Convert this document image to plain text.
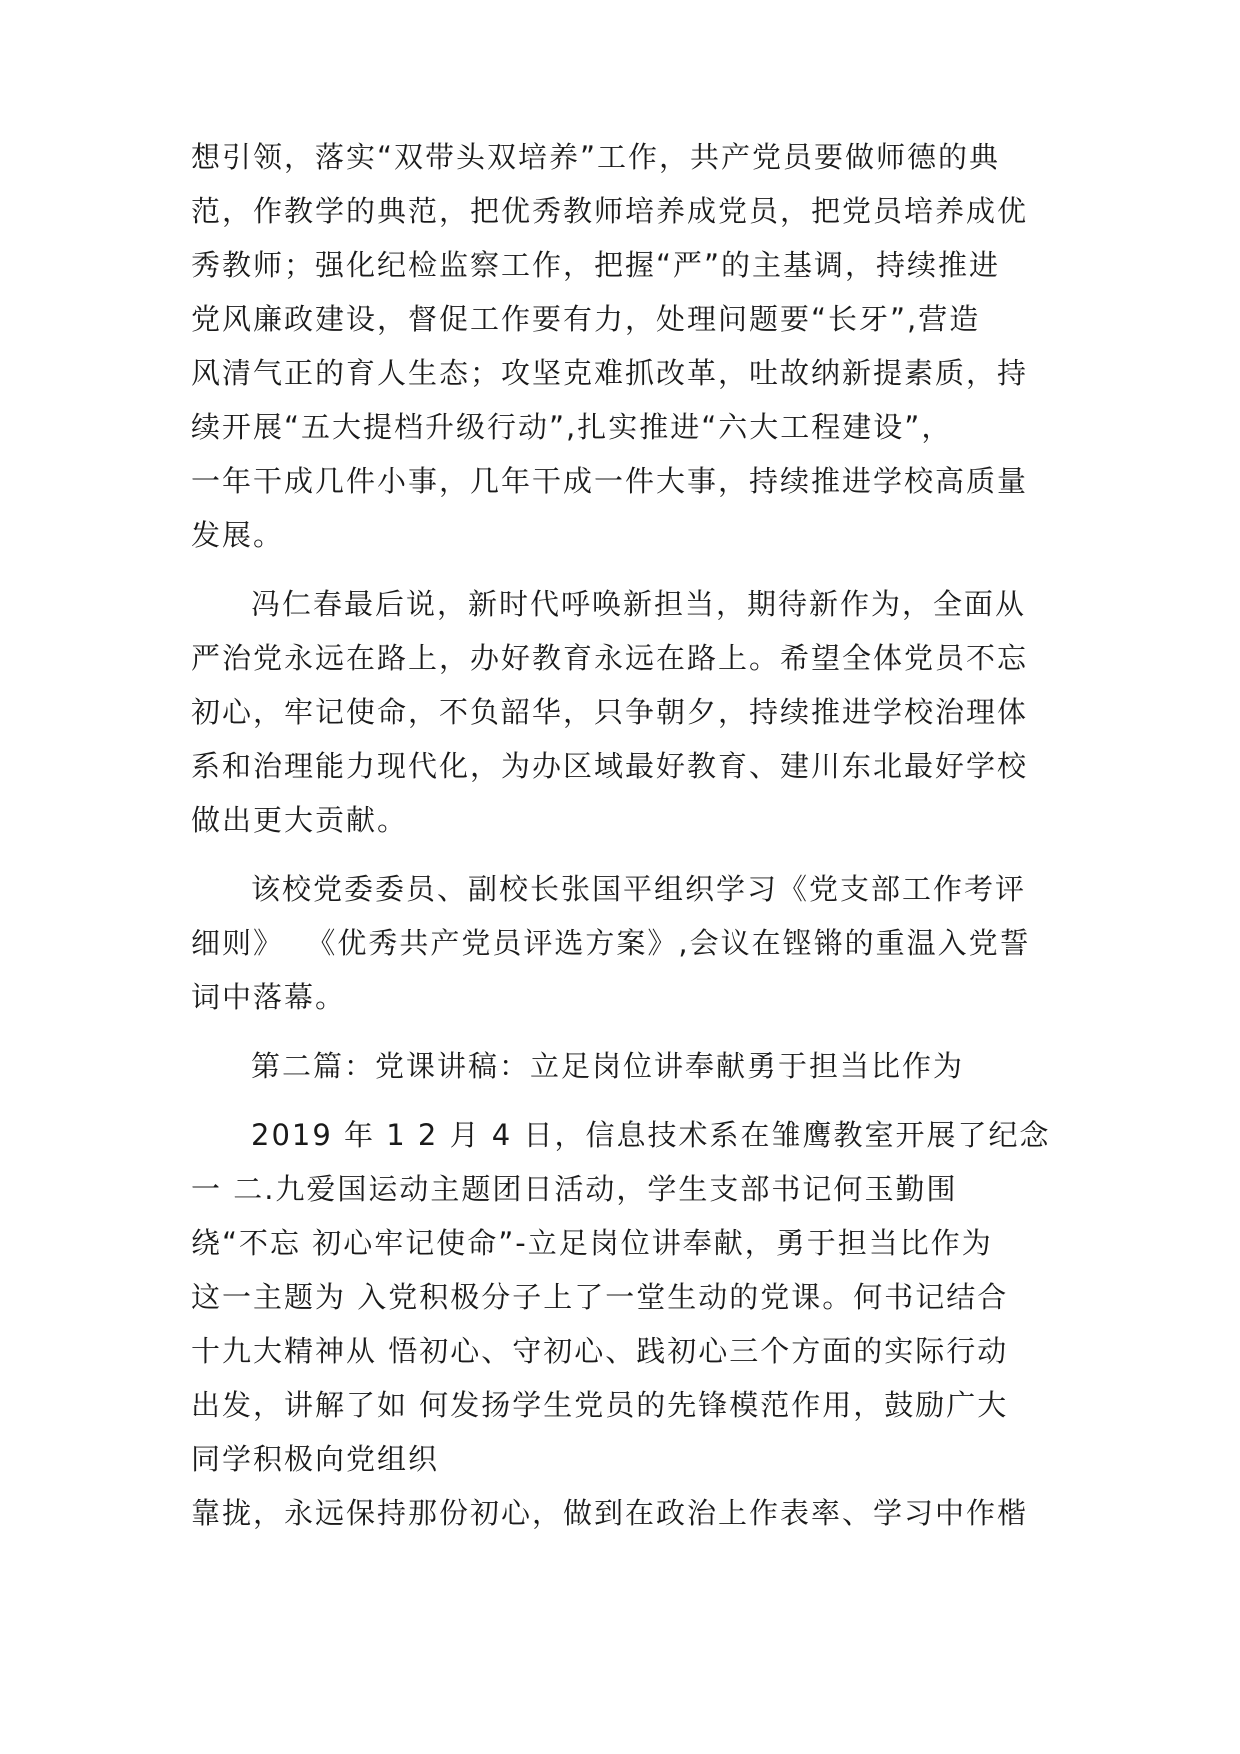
想引领，落实“双带头双培养”工作，共产党员要做师德的典
范，作教学的典范，把优秀教师培养成党员，把党员培养成优
秀教师；强化纪检监察工作，把握“严”的主基调，持续推进
党风廉政建设，督促工作要有力，处理问题要“长牙”,营造
风清气正的育人生态；攻坚克难抓改革，吐故纳新提素质，持
续开展“五大提档升级行动”,扎实推进“六大工程建设”，
一年干成几件小事，几年干成一件大事，持续推进学校高质量
发展。
冯仁春最后说，新时代呼唤新担当，期待新作为，全面从
严治党永远在路上，办好教育永远在路上。希望全体党员不忘
初心，牢记使命，不负韶华，只争朝夕，持续推进学校治理体
系和治理能力现代化，为办区域最好教育、建川东北最好学校
做出更大贡献。
该校党委委员、副校长张国平组织学习《党支部工作考评
细则》  《优秀共产党员评选方案》,会议在铿锵的重温入党誓
词中落幕。
第二篇：党课讲稿：立足岗位讲奉献勇于担当比作为
2019 年 1 2 月 4 日，信息技术系在雏鹰教室开展了纪念
一 二.九爱国运动主题团日活动，学生支部书记何玉勤围
绕“不忘 初心牢记使命”-立足岗位讲奉献，勇于担当比作为
这一主题为 入党积极分子上了一堂生动的党课。何书记结合
十九大精神从 悟初心、守初心、践初心三个方面的实际行动
出发，讲解了如 何发扬学生党员的先锋模范作用，鼓励广大
同学积极向党组织
靠拢，永远保持那份初心，做到在政治上作表率、学习中作楷
